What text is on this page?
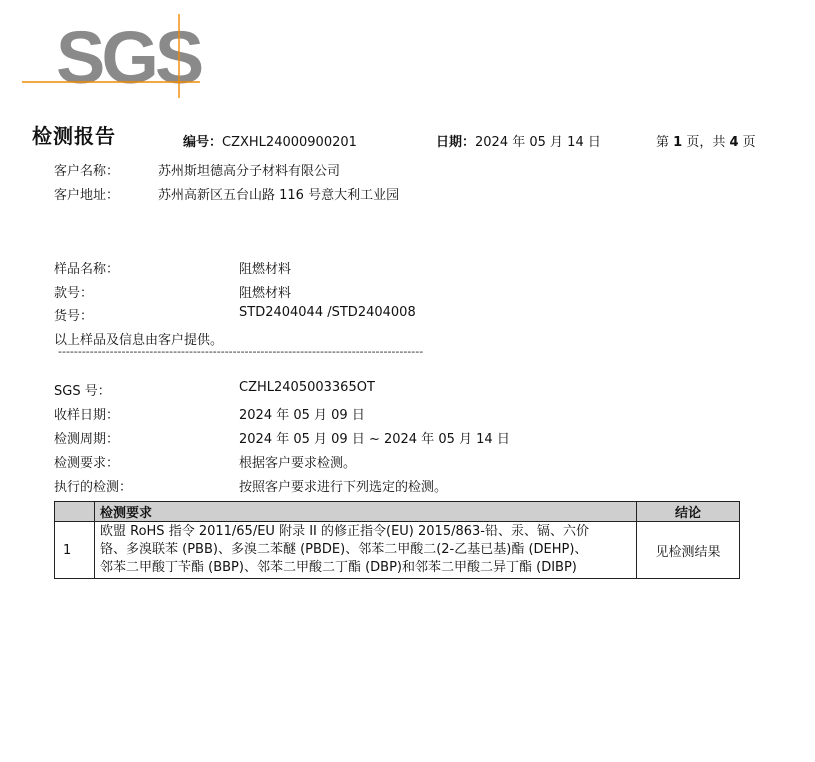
SGS
检测报告	编号：CZXHL24000900201	日期：2024 年 05 月 14 日	第 1 页，共 4 页
客户名称：	苏州斯坦德高分子材料有限公司
客户地址：	苏州高新区五台山路 116 号意大利工业园
样品名称：	阻燃材料
款号：	阻燃材料
货号：	STD2404044 /STD2404008
以上样品及信息由客户提供。
--------------------------------------------------------------------------------------------
SGS 号：	CZHL2405003365OT
收样日期：	2024 年 05 月 09 日
检测周期：	2024 年 05 月 09 日 ~ 2024 年 05 月 14 日
检测要求：	根据客户要求检测。
执行的检测：	按照客户要求进行下列选定的检测。
	检测要求	结论
1	欧盟 RoHS 指令 2011/65/EU 附录 II 的修正指令(EU) 2015/863-铅、汞、镉、六价
铬、多溴联苯 (PBB)、多溴二苯醚 (PBDE)、邻苯二甲酸二(2-乙基已基)酯 (DEHP)、
邻苯二甲酸丁苄酯 (BBP)、邻苯二甲酸二丁酯 (DBP)和邻苯二甲酸二异丁酯 (DIBP)	见检测结果
